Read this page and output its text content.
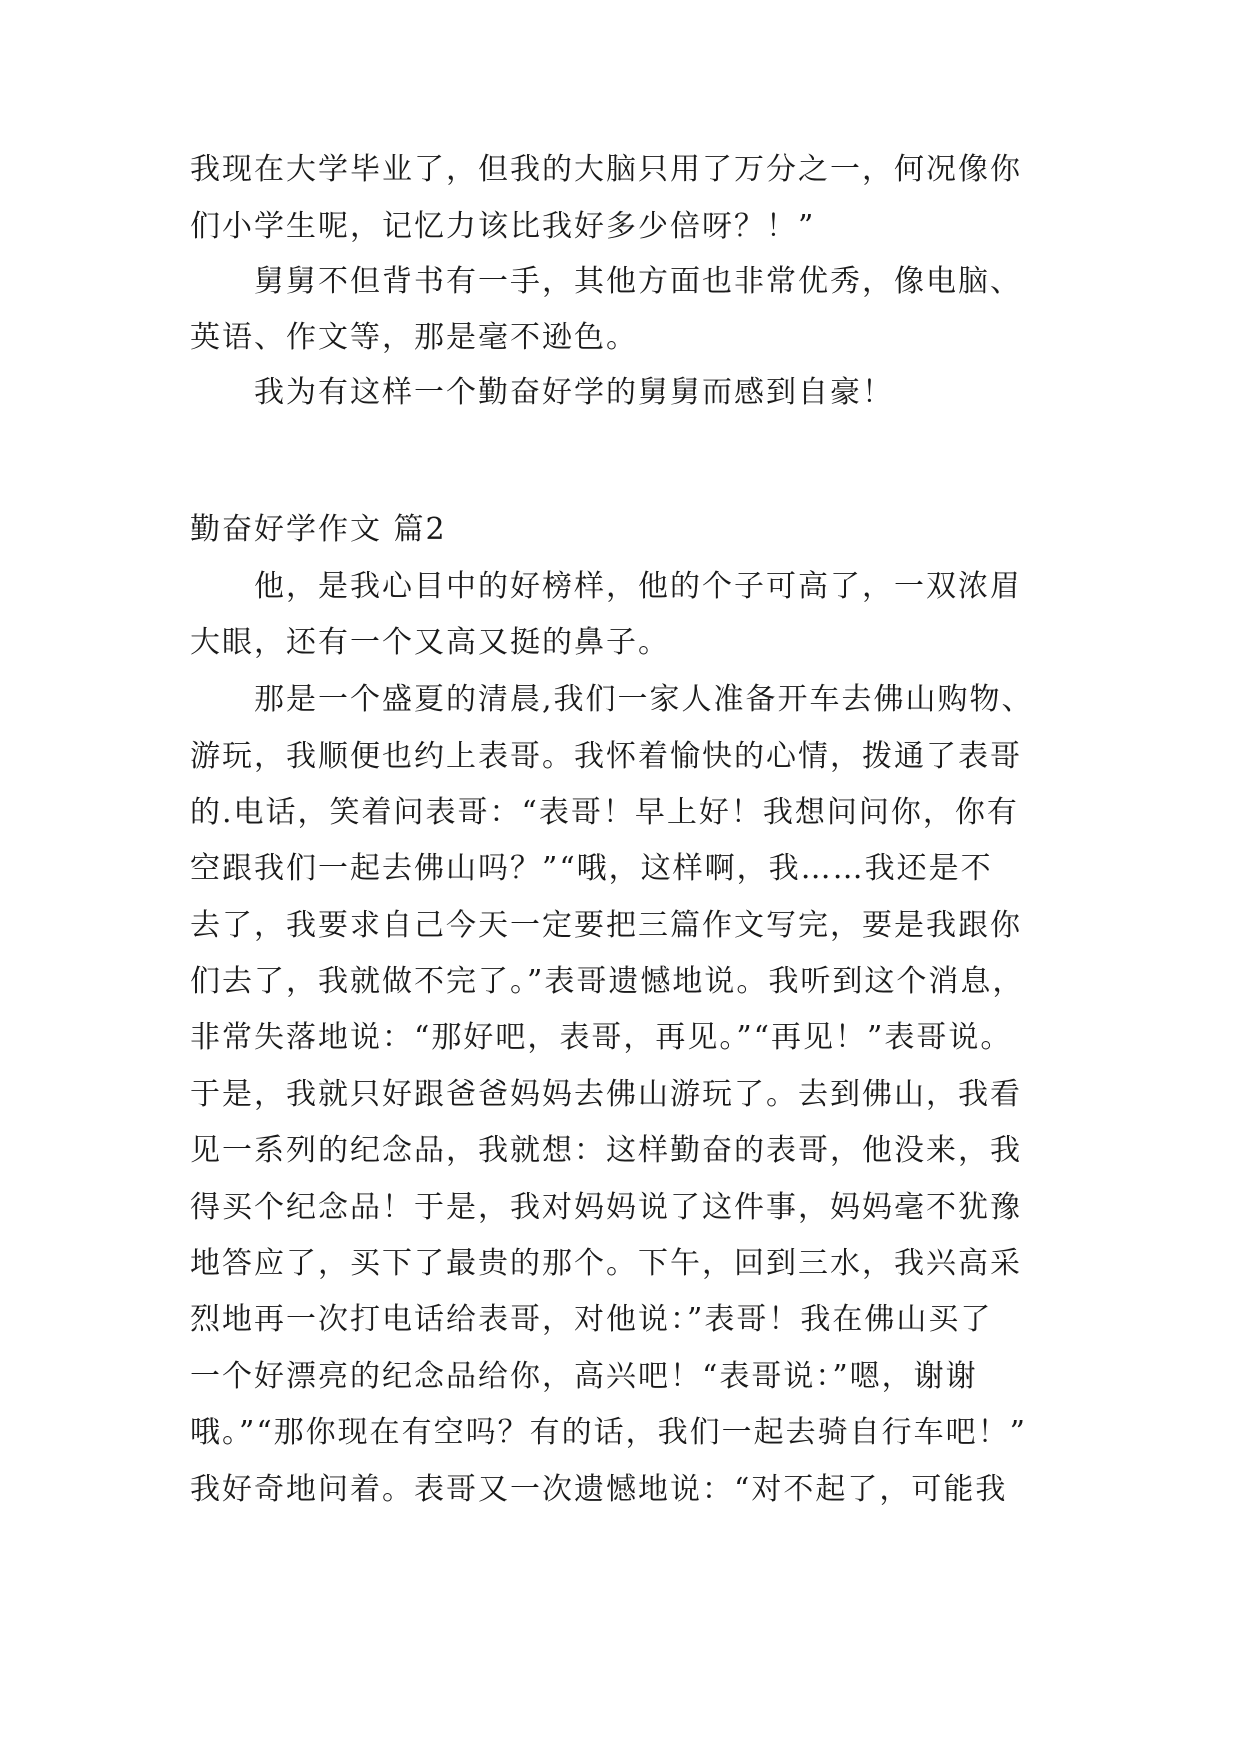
我现在大学毕业了，但我的大脑只用了万分之一，何况像你
们小学生呢，记忆力该比我好多少倍呀？！”
舅舅不但背书有一手，其他方面也非常优秀，像电脑、
英语、作文等，那是毫不逊色。
我为有这样一个勤奋好学的舅舅而感到自豪！
勤奋好学作文 篇2
他，是我心目中的好榜样，他的个子可高了，一双浓眉
大眼，还有一个又高又挺的鼻子。
那是一个盛夏的清晨,我们一家人准备开车去佛山购物、
游玩，我顺便也约上表哥。我怀着愉快的心情，拨通了表哥
的.电话，笑着问表哥：“表哥！早上好！我想问问你，你有
空跟我们一起去佛山吗？”“哦，这样啊，我……我还是不
去了，我要求自己今天一定要把三篇作文写完，要是我跟你
们去了，我就做不完了。”表哥遗憾地说。我听到这个消息，
非常失落地说：“那好吧，表哥，再见。”“再见！”表哥说。
于是，我就只好跟爸爸妈妈去佛山游玩了。去到佛山，我看
见一系列的纪念品，我就想：这样勤奋的表哥，他没来，我
得买个纪念品！于是，我对妈妈说了这件事，妈妈毫不犹豫
地答应了，买下了最贵的那个。下午，回到三水，我兴高采
烈地再一次打电话给表哥，对他说：”表哥！我在佛山买了
一个好漂亮的纪念品给你，高兴吧！“表哥说：”嗯，谢谢
哦。”“那你现在有空吗？有的话，我们一起去骑自行车吧！”
我好奇地问着。表哥又一次遗憾地说：“对不起了，可能我
